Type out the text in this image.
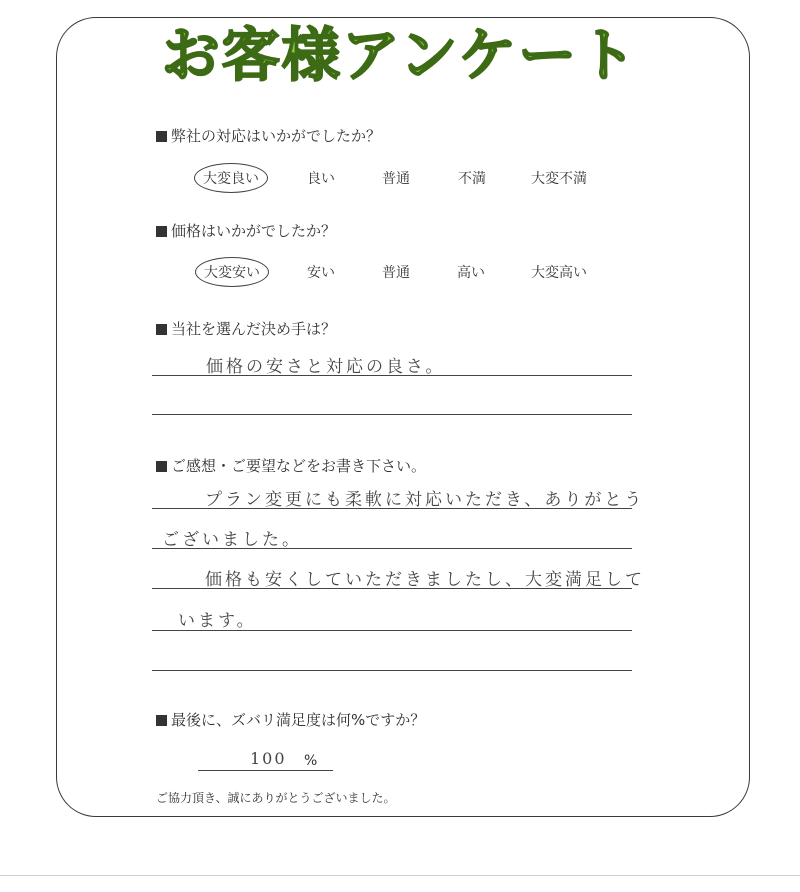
お客様アンケート
弊社の対応はいかがでしたか？
大変良い	良い	普通	不満	大変不満
価格はいかがでしたか？
大変安い	安い	普通	高い	大変高い
当社を選んだ決め手は？
価格の安さと対応の良さ。
ご感想・ご要望などをお書き下さい。
プラン変更にも柔軟に対応いただき、ありがとう
ございました。
価格も安くしていただきましたし、大変満足して
います。
最後に、ズバリ満足度は何%ですか？
100 %
ご協力頂き、誠にありがとうございました。
